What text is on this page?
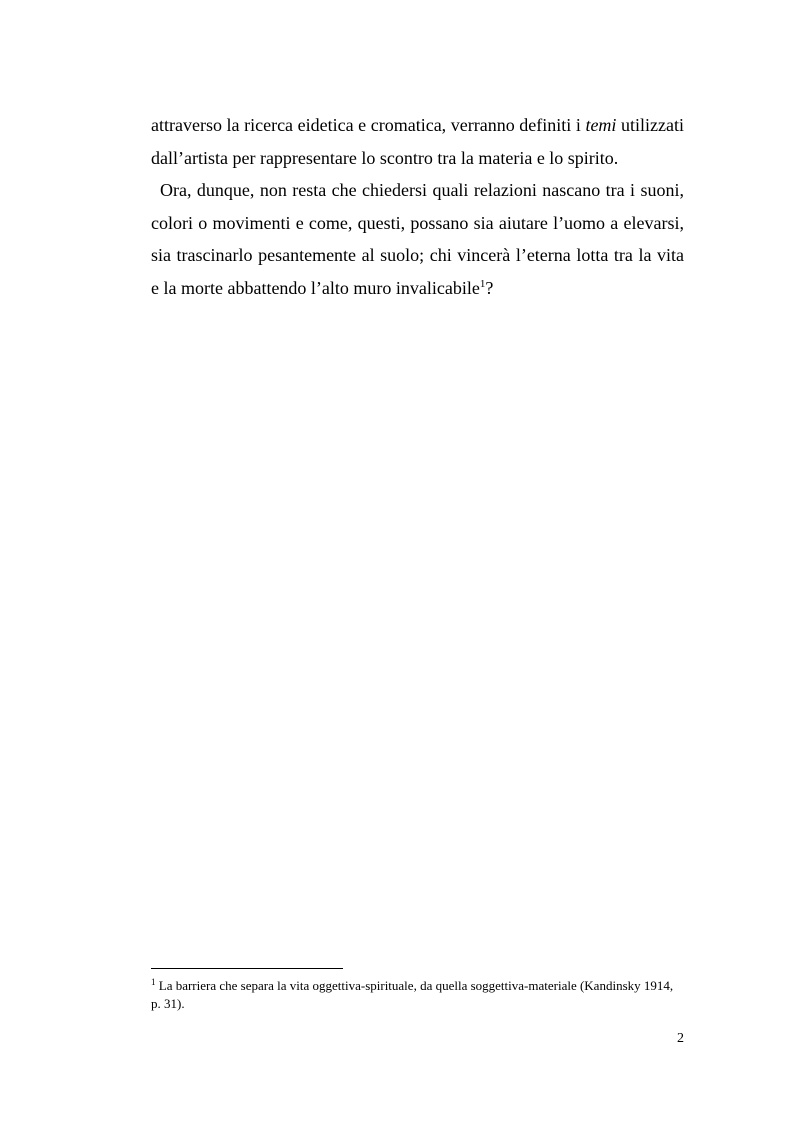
attraverso la ricerca eidetica e cromatica, verranno definiti i temi utilizzati dall’artista per rappresentare lo scontro tra la materia e lo spirito.

Ora, dunque, non resta che chiedersi quali relazioni nascano tra i suoni, colori o movimenti e come, questi, possano sia aiutare l’uomo a elevarsi, sia trascinarlo pesantemente al suolo; chi vincerà l’eterna lotta tra la vita e la morte abbattendo l’alto muro invalicabile$^1$?

$^1$ La barriera che separa la vita oggettiva-spirituale, da quella soggettiva-materiale (Kandinsky 1914, p. 31).

2
